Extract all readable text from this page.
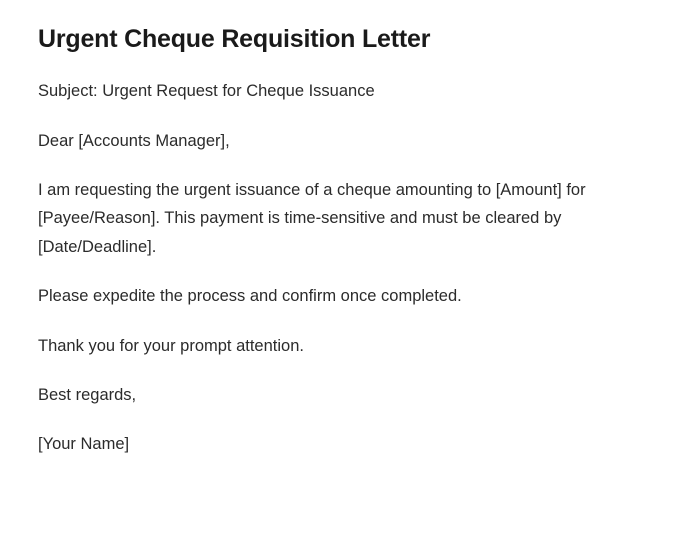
Urgent Cheque Requisition Letter

Subject: Urgent Request for Cheque Issuance

Dear [Accounts Manager],

I am requesting the urgent issuance of a cheque amounting to [Amount] for [Payee/Reason]. This payment is time-sensitive and must be cleared by [Date/Deadline].

Please expedite the process and confirm once completed.

Thank you for your prompt attention.

Best regards,

[Your Name]
